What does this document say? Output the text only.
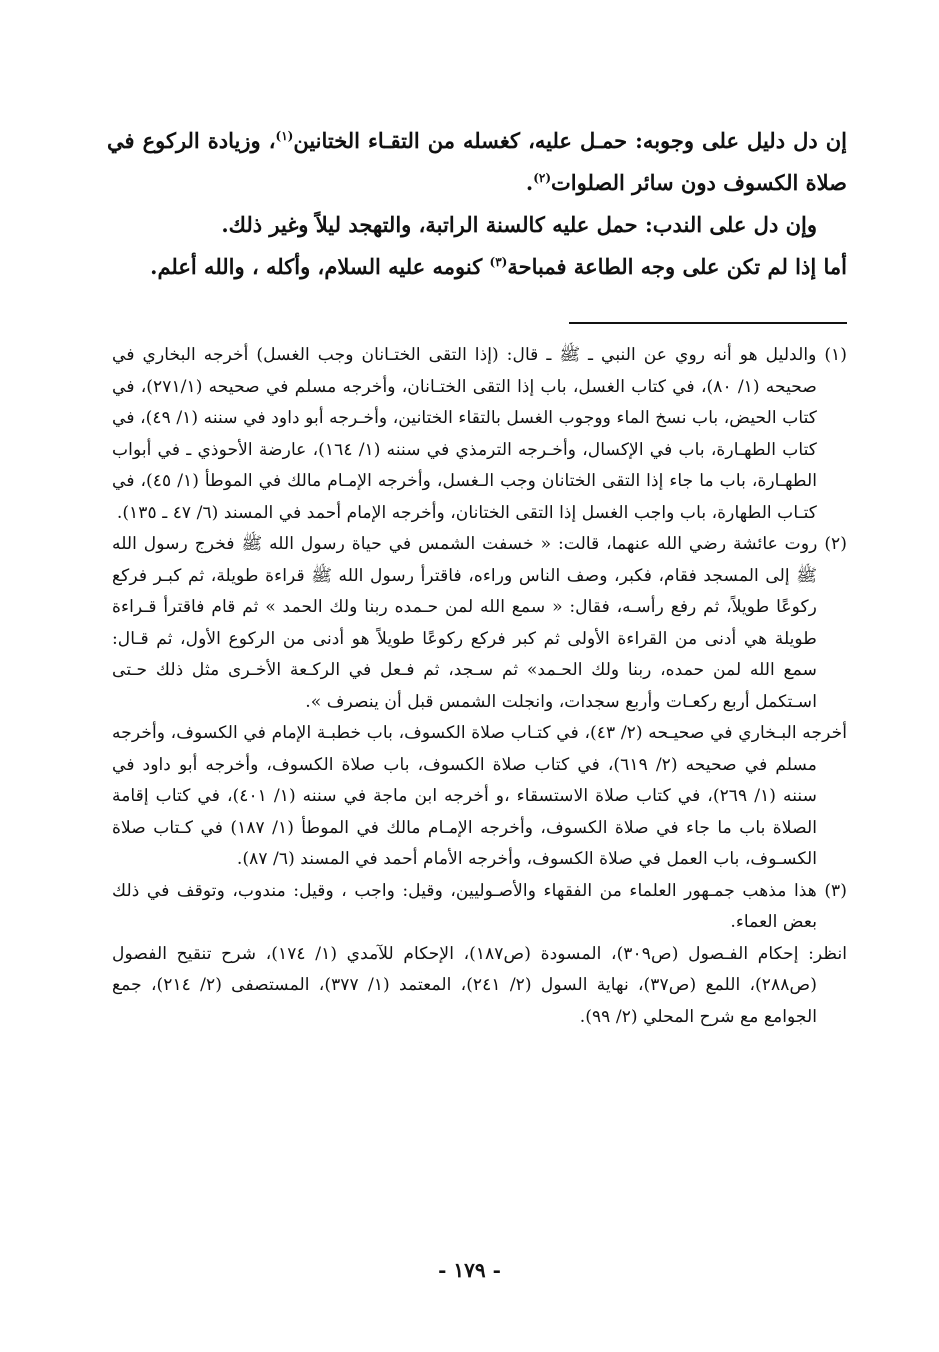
إن دل دليل على وجوبه: حمـل عليه، كغسله من التقـاء الختانين$^{(١)}$، وزيادة الركوع في صلاة الكسوف دون سائر الصلوات$^{(٢)}$.

وإن دل على الندب: حمل عليه كالسنة الراتبة، والتهجد ليلاً وغير ذلك.

أما إذا لم تكن على وجه الطاعة فمباحة$^{(٣)}$ كنومه عليه السلام، وأكله ، والله أعلم.

(١) والدليل هو أنه روي عن النبي ـ ﷺ ـ قال: (إذا التقى الختـانان وجب الغسل) أخرجه البخاري في صحيحه (١/ ٨٠)، في كتاب الغسل، باب إذا التقى الختـانان، وأخرجه مسلم في صحيحه (٢٧١/١)، في كتاب الحيض، باب نسخ الماء ووجوب الغسل بالتقاء الختانين، وأخـرجه أبو داود في سننه (١/ ٤٩)، في كتاب الطهـارة، باب في الإكسال، وأخـرجه الترمذي في سننه (١/ ١٦٤)، عارضة الأحوذي ـ في أبواب الطهـارة، باب ما جاء إذا التقى الختانان وجب الـغسل، وأخرجه الإمـام مالك في الموطأ (١/ ٤٥)، في كتـاب الطهارة، باب واجب الغسل إذا التقى الختانان، وأخرجه الإمام أحمد في المسند (٦/ ٤٧ ـ ١٣٥).

(٢) روت عائشة رضي الله عنهما، قالت: « خسفت الشمس في حياة رسول الله ﷺ فخرج رسول الله ﷺ إلى المسجد فقام، فكبر، وصف الناس وراءه، فاقترأ رسول الله ﷺ قراءة طويلة، ثم كبـر فركع ركوعًا طويلاً، ثم رفع رأسـه، فقال: « سمع الله لمن حـمده ربنا ولك الحمد » ثم قام فاقترأ قـراءة طويلة هي أدنى من القراءة الأولى ثم كبر فركع ركوعًا طويلاً هو أدنى من الركوع الأول، ثم قـال: سمع الله لمن حمده، ربنا ولك الحـمد» ثم سـجد، ثم فـعل في الركـعة الأخـرى مثل ذلك حـتى اسـتكمل أربع ركعـات وأربع سجدات، وانجلت الشمس قبل أن ينصرف ».

أخرجه البـخاري في صحيـحه (٢/ ٤٣)، في كتـاب صلاة الكسوف، باب خطبـة الإمام في الكسوف، وأخرجه مسلم في صحيحه (٢/ ٦١٩)، في كتاب صلاة الكسوف، باب صلاة الكسوف، وأخرجه أبو داود في سننه (١/ ٢٦٩)، في كتاب صلاة الاستسقاء ،و أخرجه ابن ماجة في سننه (١/ ٤٠١)، في كتاب إقامة الصلاة باب ما جاء في صلاة الكسوف، وأخرجه الإمـام مالك في الموطأ (١/ ١٨٧) في كـتاب صلاة الكسـوف، باب العمل في صلاة الكسوف، وأخرجه الأمام أحمد في المسند (٦/ ٨٧).

(٣) هذا مذهب جمـهور العلماء من الفقهاء والأصـوليين، وقيل: واجب ، وقيل: مندوب، وتوقف في ذلك بعض العماء.

انظر: إحكام الفـصول (ص٣٠٩)، المسودة (ص١٨٧)، الإحكام للآمدي (١/ ١٧٤)، شرح تنقيح الفصول (ص٢٨٨)، اللمع (ص٣٧)، نهاية السول (٢/ ٢٤١)، المعتمد (١/ ٣٧٧)، المستصفى (٢/ ٢١٤)، جمع الجوامع مع شرح المحلي (٢/ ٩٩).

- ١٧٩ -
